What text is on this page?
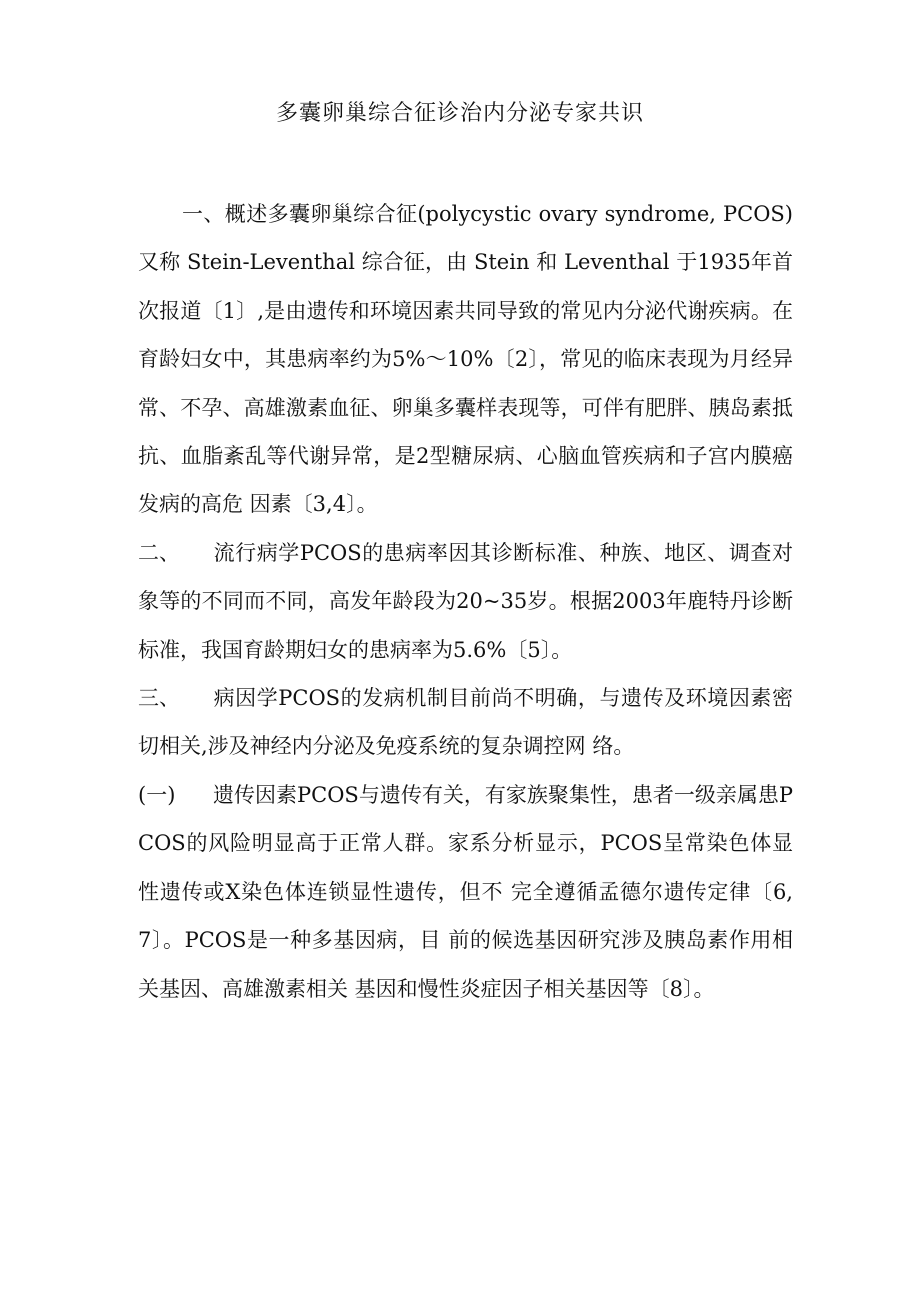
多囊卵巢综合征诊治内分泌专家共识

一、概述多囊卵巢综合征(polycystic ovary syndrome, PCOS)又称 Stein-Leventhal 综合征，由 Stein 和 Leventhal 于1935年首次报道〔1〕,是由遗传和环境因素共同导致的常见内分泌代谢疾病。在育龄妇女中，其患病率约为5%〜10%〔2〕，常见的临床表现为月经异常、不孕、高雄激素血征、卵巢多囊样表现等，可伴有肥胖、胰岛素抵抗、血脂紊乱等代谢异常，是2型糖尿病、心脑血管疾病和子宫内膜癌发病的高危 因素〔3,4〕。

二、 流行病学PCOS的患病率因其诊断标准、种族、地区、调查对象等的不同而不同，高发年龄段为20~35岁。根据2003年鹿特丹诊断标准，我国育龄期妇女的患病率为5.6%〔5〕。

三、 病因学PCOS的发病机制目前尚不明确，与遗传及环境因素密切相关,涉及神经内分泌及免疫系统的复杂调控网 络。

(一) 遗传因素PCOS与遗传有关，有家族聚集性，患者一级亲属患PCOS的风险明显高于正常人群。家系分析显示，PCOS呈常染色体显性遗传或X染色体连锁显性遗传，但不 完全遵循孟德尔遗传定律〔6,7〕。PCOS是一种多基因病，目 前的候选基因研究涉及胰岛素作用相关基因、高雄激素相关 基因和慢性炎症因子相关基因等〔8〕。
